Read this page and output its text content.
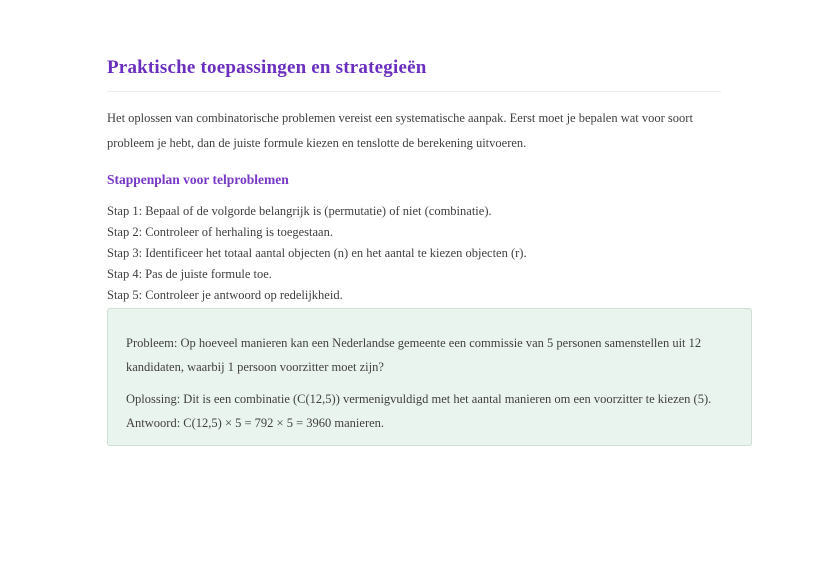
Praktische toepassingen en strategieën

Het oplossen van combinatorische problemen vereist een systematische aanpak. Eerst moet je bepalen wat voor soort probleem je hebt, dan de juiste formule kiezen en tenslotte de berekening uitvoeren.

Stappenplan voor telproblemen

Stap 1: Bepaal of de volgorde belangrijk is (permutatie) of niet (combinatie).

Stap 2: Controleer of herhaling is toegestaan.

Stap 3: Identificeer het totaal aantal objecten (n) en het aantal te kiezen objecten (r).

Stap 4: Pas de juiste formule toe.

Stap 5: Controleer je antwoord op redelijkheid.

Probleem: Op hoeveel manieren kan een Nederlandse gemeente een commissie van 5 personen samenstellen uit 12 kandidaten, waarbij 1 persoon voorzitter moet zijn?

Oplossing: Dit is een combinatie (C(12,5)) vermenigvuldigd met het aantal manieren om een voorzitter te kiezen (5). Antwoord: C(12,5) × 5 = 792 × 5 = 3960 manieren.
